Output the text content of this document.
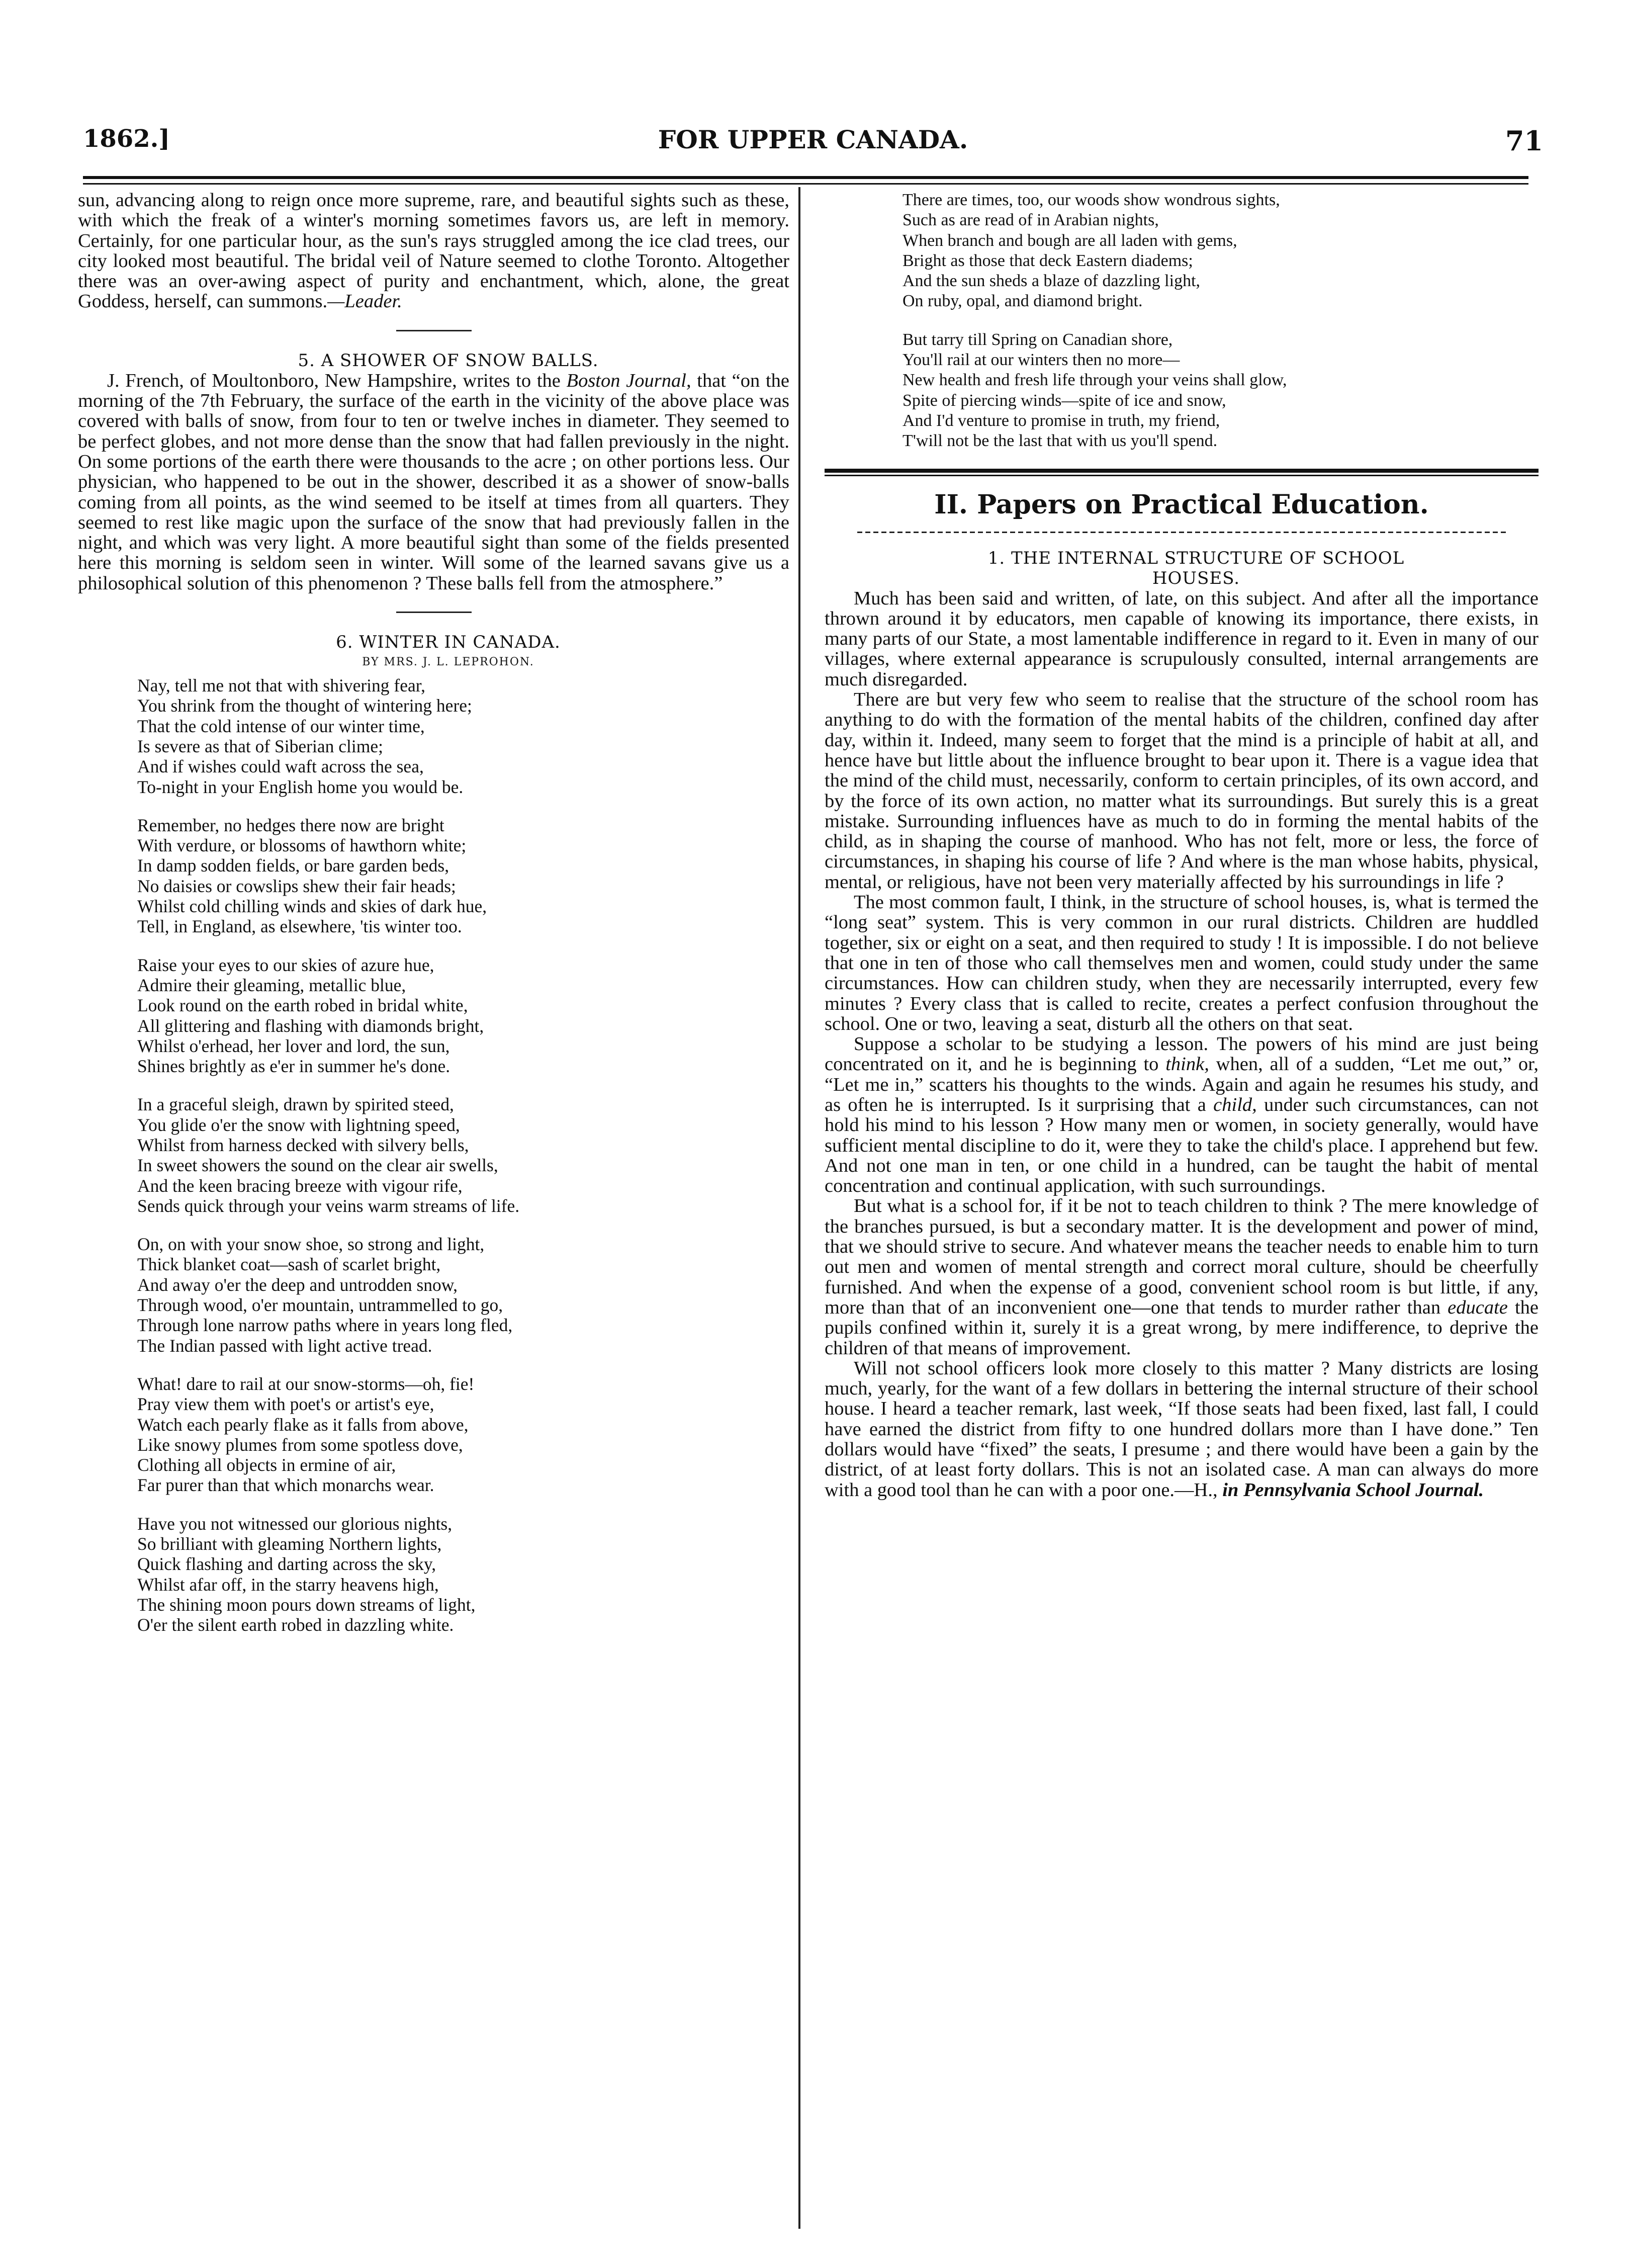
1862.]	FOR UPPER CANADA.	71

sun, advancing along to reign once more supreme, rare, and beautiful sights such as these, with which the freak of a winter's morning sometimes favors us, are left in memory. Certainly, for one particular hour, as the sun's rays struggled among the ice clad trees, our city looked most beautiful. The bridal veil of Nature seemed to clothe Toronto. Altogether there was an over-awing aspect of purity and enchantment, which, alone, the great Goddess, herself, can summons.—Leader.

5. A SHOWER OF SNOW BALLS.

J. French, of Moultonboro, New Hampshire, writes to the Boston Journal, that “on the morning of the 7th February, the surface of the earth in the vicinity of the above place was covered with balls of snow, from four to ten or twelve inches in diameter. They seemed to be perfect globes, and not more dense than the snow that had fallen previously in the night. On some portions of the earth there were thousands to the acre ; on other portions less. Our physician, who happened to be out in the shower, described it as a shower of snow-balls coming from all points, as the wind seemed to be itself at times from all quarters. They seemed to rest like magic upon the surface of the snow that had previously fallen in the night, and which was very light. A more beautiful sight than some of the fields presented here this morning is seldom seen in winter. Will some of the learned savans give us a philosophical solution of this phenomenon ? These balls fell from the atmosphere.”

6. WINTER IN CANADA.

BY MRS. J. L. LEPROHON.

Nay, tell me not that with shivering fear,
You shrink from the thought of wintering here;
That the cold intense of our winter time,
Is severe as that of Siberian clime;
And if wishes could waft across the sea,
To-night in your English home you would be.
Remember, no hedges there now are bright
With verdure, or blossoms of hawthorn white;
In damp sodden fields, or bare garden beds,
No daisies or cowslips shew their fair heads;
Whilst cold chilling winds and skies of dark hue,
Tell, in England, as elsewhere, 'tis winter too.
Raise your eyes to our skies of azure hue,
Admire their gleaming, metallic blue,
Look round on the earth robed in bridal white,
All glittering and flashing with diamonds bright,
Whilst o'erhead, her lover and lord, the sun,
Shines brightly as e'er in summer he's done.
In a graceful sleigh, drawn by spirited steed,
You glide o'er the snow with lightning speed,
Whilst from harness decked with silvery bells,
In sweet showers the sound on the clear air swells,
And the keen bracing breeze with vigour rife,
Sends quick through your veins warm streams of life.
On, on with your snow shoe, so strong and light,
Thick blanket coat—sash of scarlet bright,
And away o'er the deep and untrodden snow,
Through wood, o'er mountain, untrammelled to go,
Through lone narrow paths where in years long fled,
The Indian passed with light active tread.
What! dare to rail at our snow-storms—oh, fie!
Pray view them with poet's or artist's eye,
Watch each pearly flake as it falls from above,
Like snowy plumes from some spotless dove,
Clothing all objects in ermine of air,
Far purer than that which monarchs wear.
Have you not witnessed our glorious nights,
So brilliant with gleaming Northern lights,
Quick flashing and darting across the sky,
Whilst afar off, in the starry heavens high,
The shining moon pours down streams of light,
O'er the silent earth robed in dazzling white.
There are times, too, our woods show wondrous sights,
Such as are read of in Arabian nights,
When branch and bough are all laden with gems,
Bright as those that deck Eastern diadems;
And the sun sheds a blaze of dazzling light,
On ruby, opal, and diamond bright.
But tarry till Spring on Canadian shore,
You'll rail at our winters then no more—
New health and fresh life through your veins shall glow,
Spite of piercing winds—spite of ice and snow,
And I'd venture to promise in truth, my friend,
T'will not be the last that with us you'll spend.
II. Papers on Practical Education.

1. THE INTERNAL STRUCTURE OF SCHOOL

HOUSES.

Much has been said and written, of late, on this subject. And after all the importance thrown around it by educators, men capable of knowing its importance, there exists, in many parts of our State, a most lamentable indifference in regard to it. Even in many of our villages, where external appearance is scrupulously consulted, internal arrangements are much disregarded.

There are but very few who seem to realise that the structure of the school room has anything to do with the formation of the mental habits of the children, confined day after day, within it. Indeed, many seem to forget that the mind is a principle of habit at all, and hence have but little about the influence brought to bear upon it. There is a vague idea that the mind of the child must, necessarily, conform to certain principles, of its own accord, and by the force of its own action, no matter what its surroundings. But surely this is a great mistake. Surrounding influences have as much to do in forming the mental habits of the child, as in shaping the course of manhood. Who has not felt, more or less, the force of circumstances, in shaping his course of life ? And where is the man whose habits, physical, mental, or religious, have not been very materially affected by his surroundings in life ?

The most common fault, I think, in the structure of school houses, is, what is termed the “long seat” system. This is very common in our rural districts. Children are huddled together, six or eight on a seat, and then required to study ! It is impossible. I do not believe that one in ten of those who call themselves men and women, could study under the same circumstances. How can children study, when they are necessarily interrupted, every few minutes ? Every class that is called to recite, creates a perfect confusion throughout the school. One or two, leaving a seat, disturb all the others on that seat.

Suppose a scholar to be studying a lesson. The powers of his mind are just being concentrated on it, and he is beginning to think, when, all of a sudden, “Let me out,” or, “Let me in,” scatters his thoughts to the winds. Again and again he resumes his study, and as often he is interrupted. Is it surprising that a child, under such circumstances, can not hold his mind to his lesson ? How many men or women, in society generally, would have sufficient mental discipline to do it, were they to take the child's place. I apprehend but few. And not one man in ten, or one child in a hundred, can be taught the habit of mental concentration and continual application, with such surroundings.

But what is a school for, if it be not to teach children to think ? The mere knowledge of the branches pursued, is but a secondary matter. It is the development and power of mind, that we should strive to secure. And whatever means the teacher needs to enable him to turn out men and women of mental strength and correct moral culture, should be cheerfully furnished. And when the expense of a good, convenient school room is but little, if any, more than that of an inconvenient one—one that tends to murder rather than educate the pupils confined within it, surely it is a great wrong, by mere indifference, to deprive the children of that means of improvement.

Will not school officers look more closely to this matter ? Many districts are losing much, yearly, for the want of a few dollars in bettering the internal structure of their school house. I heard a teacher remark, last week, “If those seats had been fixed, last fall, I could have earned the district from fifty to one hundred dollars more than I have done.” Ten dollars would have “fixed” the seats, I presume ; and there would have been a gain by the district, of at least forty dollars. This is not an isolated case. A man can always do more with a good tool than he can with a poor one.—H., in Pennsylvania School Journal.
